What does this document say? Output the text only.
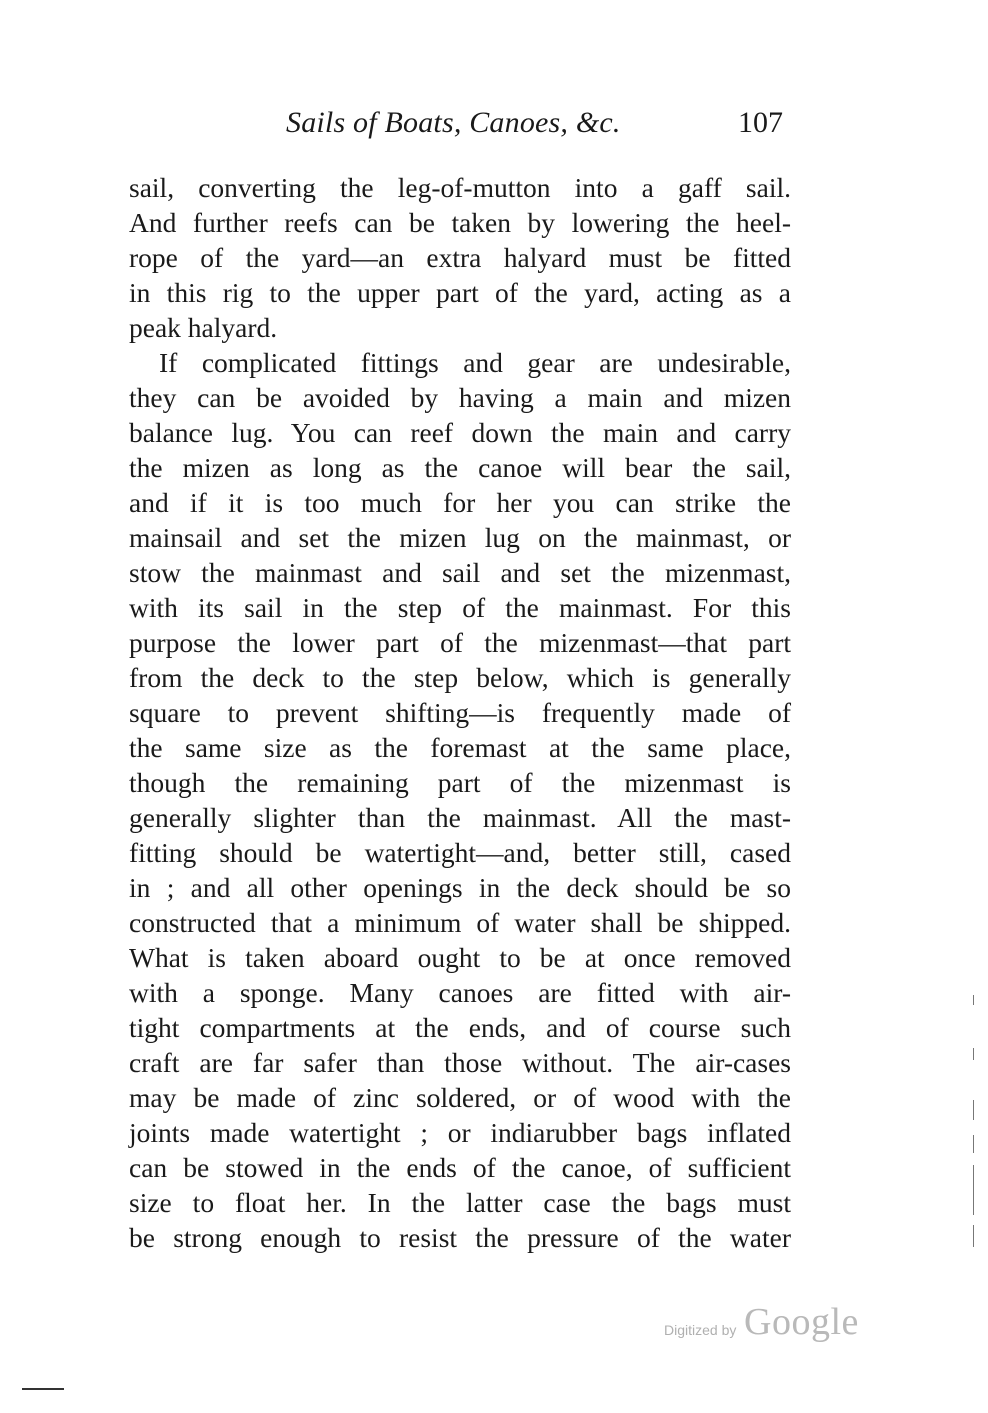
Sails of Boats, Canoes, &c.	107
sail, converting the leg-of-mutton into a gaff sail.
And further reefs can be taken by lowering the heel-
rope of the yard—an extra halyard must be fitted
in this rig to the upper part of the yard, acting as a
peak halyard.
If complicated fittings and gear are undesirable,
they can be avoided by having a main and mizen
balance lug. You can reef down the main and carry
the mizen as long as the canoe will bear the sail,
and if it is too much for her you can strike the
mainsail and set the mizen lug on the mainmast, or
stow the mainmast and sail and set the mizenmast,
with its sail in the step of the mainmast. For this
purpose the lower part of the mizenmast—that part
from the deck to the step below, which is generally
square to prevent shifting—is frequently made of
the same size as the foremast at the same place,
though the remaining part of the mizenmast is
generally slighter than the mainmast. All the mast-
fitting should be watertight—and, better still, cased
in ; and all other openings in the deck should be so
constructed that a minimum of water shall be shipped.
What is taken aboard ought to be at once removed
with a sponge. Many canoes are fitted with air-
tight compartments at the ends, and of course such
craft are far safer than those without. The air-cases
may be made of zinc soldered, or of wood with the
joints made watertight ; or indiarubber bags inflated
can be stowed in the ends of the canoe, of sufficient
size to float her. In the latter case the bags must
be strong enough to resist the pressure of the water
Digitized by Google
